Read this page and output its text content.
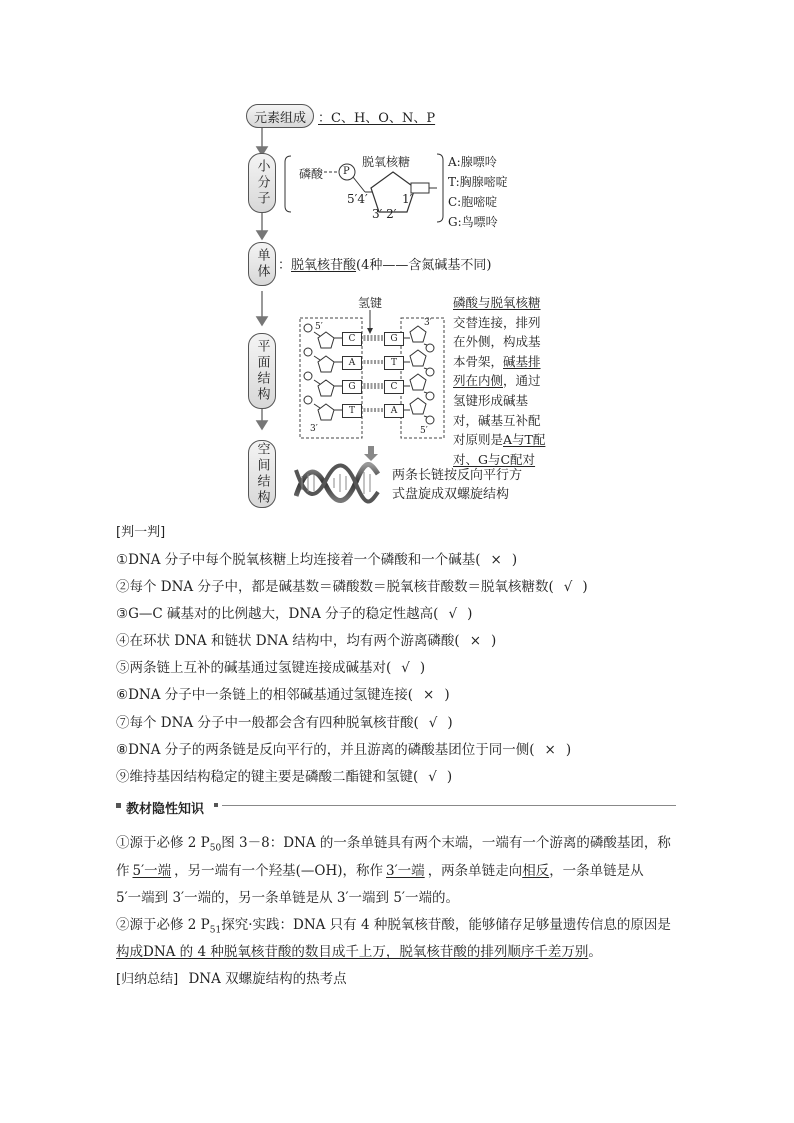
元素组成 ：C、H、O、N、P
小分子	磷酸 P
脱氧核糖
5′4′	1′
3′ 2′
A:腺嘌呤
T:胸腺嘧啶
C:胞嘧啶
G:鸟嘌呤
单体 ：脱氧核苷酸(4种——含氮碱基不同)
平面结构
氢键
C
A
G
T
G
T
C
A
5′
3′
3′
5′
磷酸与脱氧核糖交替连接，排列在外侧，构成基本骨架，碱基排列在内侧，通过氢键形成碱基对，碱基互补配对原则是A与T配对、G与C配对
空间结构	两条长链按反向平行方
式盘旋成双螺旋结构
[判一判]
①DNA 分子中每个脱氧核糖上均连接着一个磷酸和一个碱基( × )
②每个 DNA 分子中，都是碱基数＝磷酸数＝脱氧核苷酸数＝脱氧核糖数( √ )
③G—C 碱基对的比例越大，DNA 分子的稳定性越高( √ )
④在环状 DNA 和链状 DNA 结构中，均有两个游离磷酸( × )
⑤两条链上互补的碱基通过氢键连接成碱基对( √ )
⑥DNA 分子中一条链上的相邻碱基通过氢键连接( × )
⑦每个 DNA 分子中一般都会含有四种脱氧核苷酸( √ )
⑧DNA 分子的两条链是反向平行的，并且游离的磷酸基团位于同一侧( × )
⑨维持基因结构稳定的键主要是磷酸二酯键和氢键( √ )
教材隐性知识
①源于必修 2 $P_{50}$图 3－8：DNA 的一条单链具有两个末端，一端有一个游离的磷酸基团，称
作 5′一端 ，另一端有一个羟基(—OH)，称作 3′一端 ，两条单链走向相反，一条单链是从
5′一端到 3′一端的，另一条单链是从 3′一端到 5′一端的。
②源于必修 2 $P_{51}$探究·实践：DNA 只有 4 种脱氧核苷酸，能够储存足够量遗传信息的原因是
构成DNA 的 4 种脱氧核苷酸的数目成千上万，脱氧核苷酸的排列顺序千差万别。
[归纳总结] DNA 双螺旋结构的热考点
